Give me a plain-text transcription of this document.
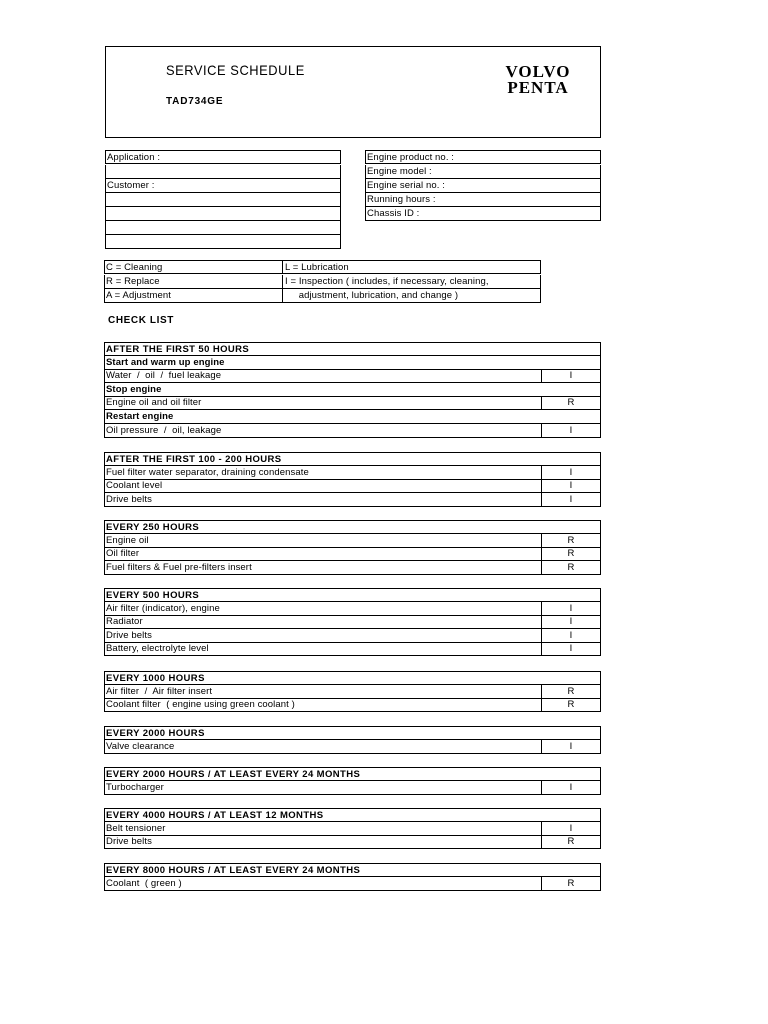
SERVICE SCHEDULE
TAD734GE
VOLVO
PENTA
Application :
Customer :
Engine product no. :
Engine model :
Engine serial no. :
Running hours :
Chassis ID :
C = Cleaning	L = Lubrication
R = Replace	I = Inspection ( includes, if necessary, cleaning,
A = Adjustment	adjustment, lubrication, and change )
CHECK LIST
AFTER THE FIRST 50 HOURS
Start and warm up engine
Water  /  oil  /  fuel leakage	I
Stop engine
Engine oil and oil filter	R
Restart engine
Oil pressure  /  oil, leakage	I
AFTER THE FIRST 100 - 200 HOURS
Fuel filter water separator, draining condensate	I
Coolant level	I
Drive belts	I
EVERY 250 HOURS
Engine oil	R
Oil filter	R
Fuel filters & Fuel pre-filters insert	R
EVERY 500 HOURS
Air filter (indicator), engine	I
Radiator	I
Drive belts	I
Battery, electrolyte level	I
EVERY 1000 HOURS
Air filter  /  Air filter insert	R
Coolant filter  ( engine using green coolant )	R
EVERY 2000 HOURS
Valve clearance	I
EVERY 2000 HOURS / AT LEAST EVERY 24 MONTHS
Turbocharger	I
EVERY 4000 HOURS / AT LEAST 12 MONTHS
Belt tensioner	I
Drive belts	R
EVERY 8000 HOURS / AT LEAST EVERY 24 MONTHS
Coolant  ( green )	R
